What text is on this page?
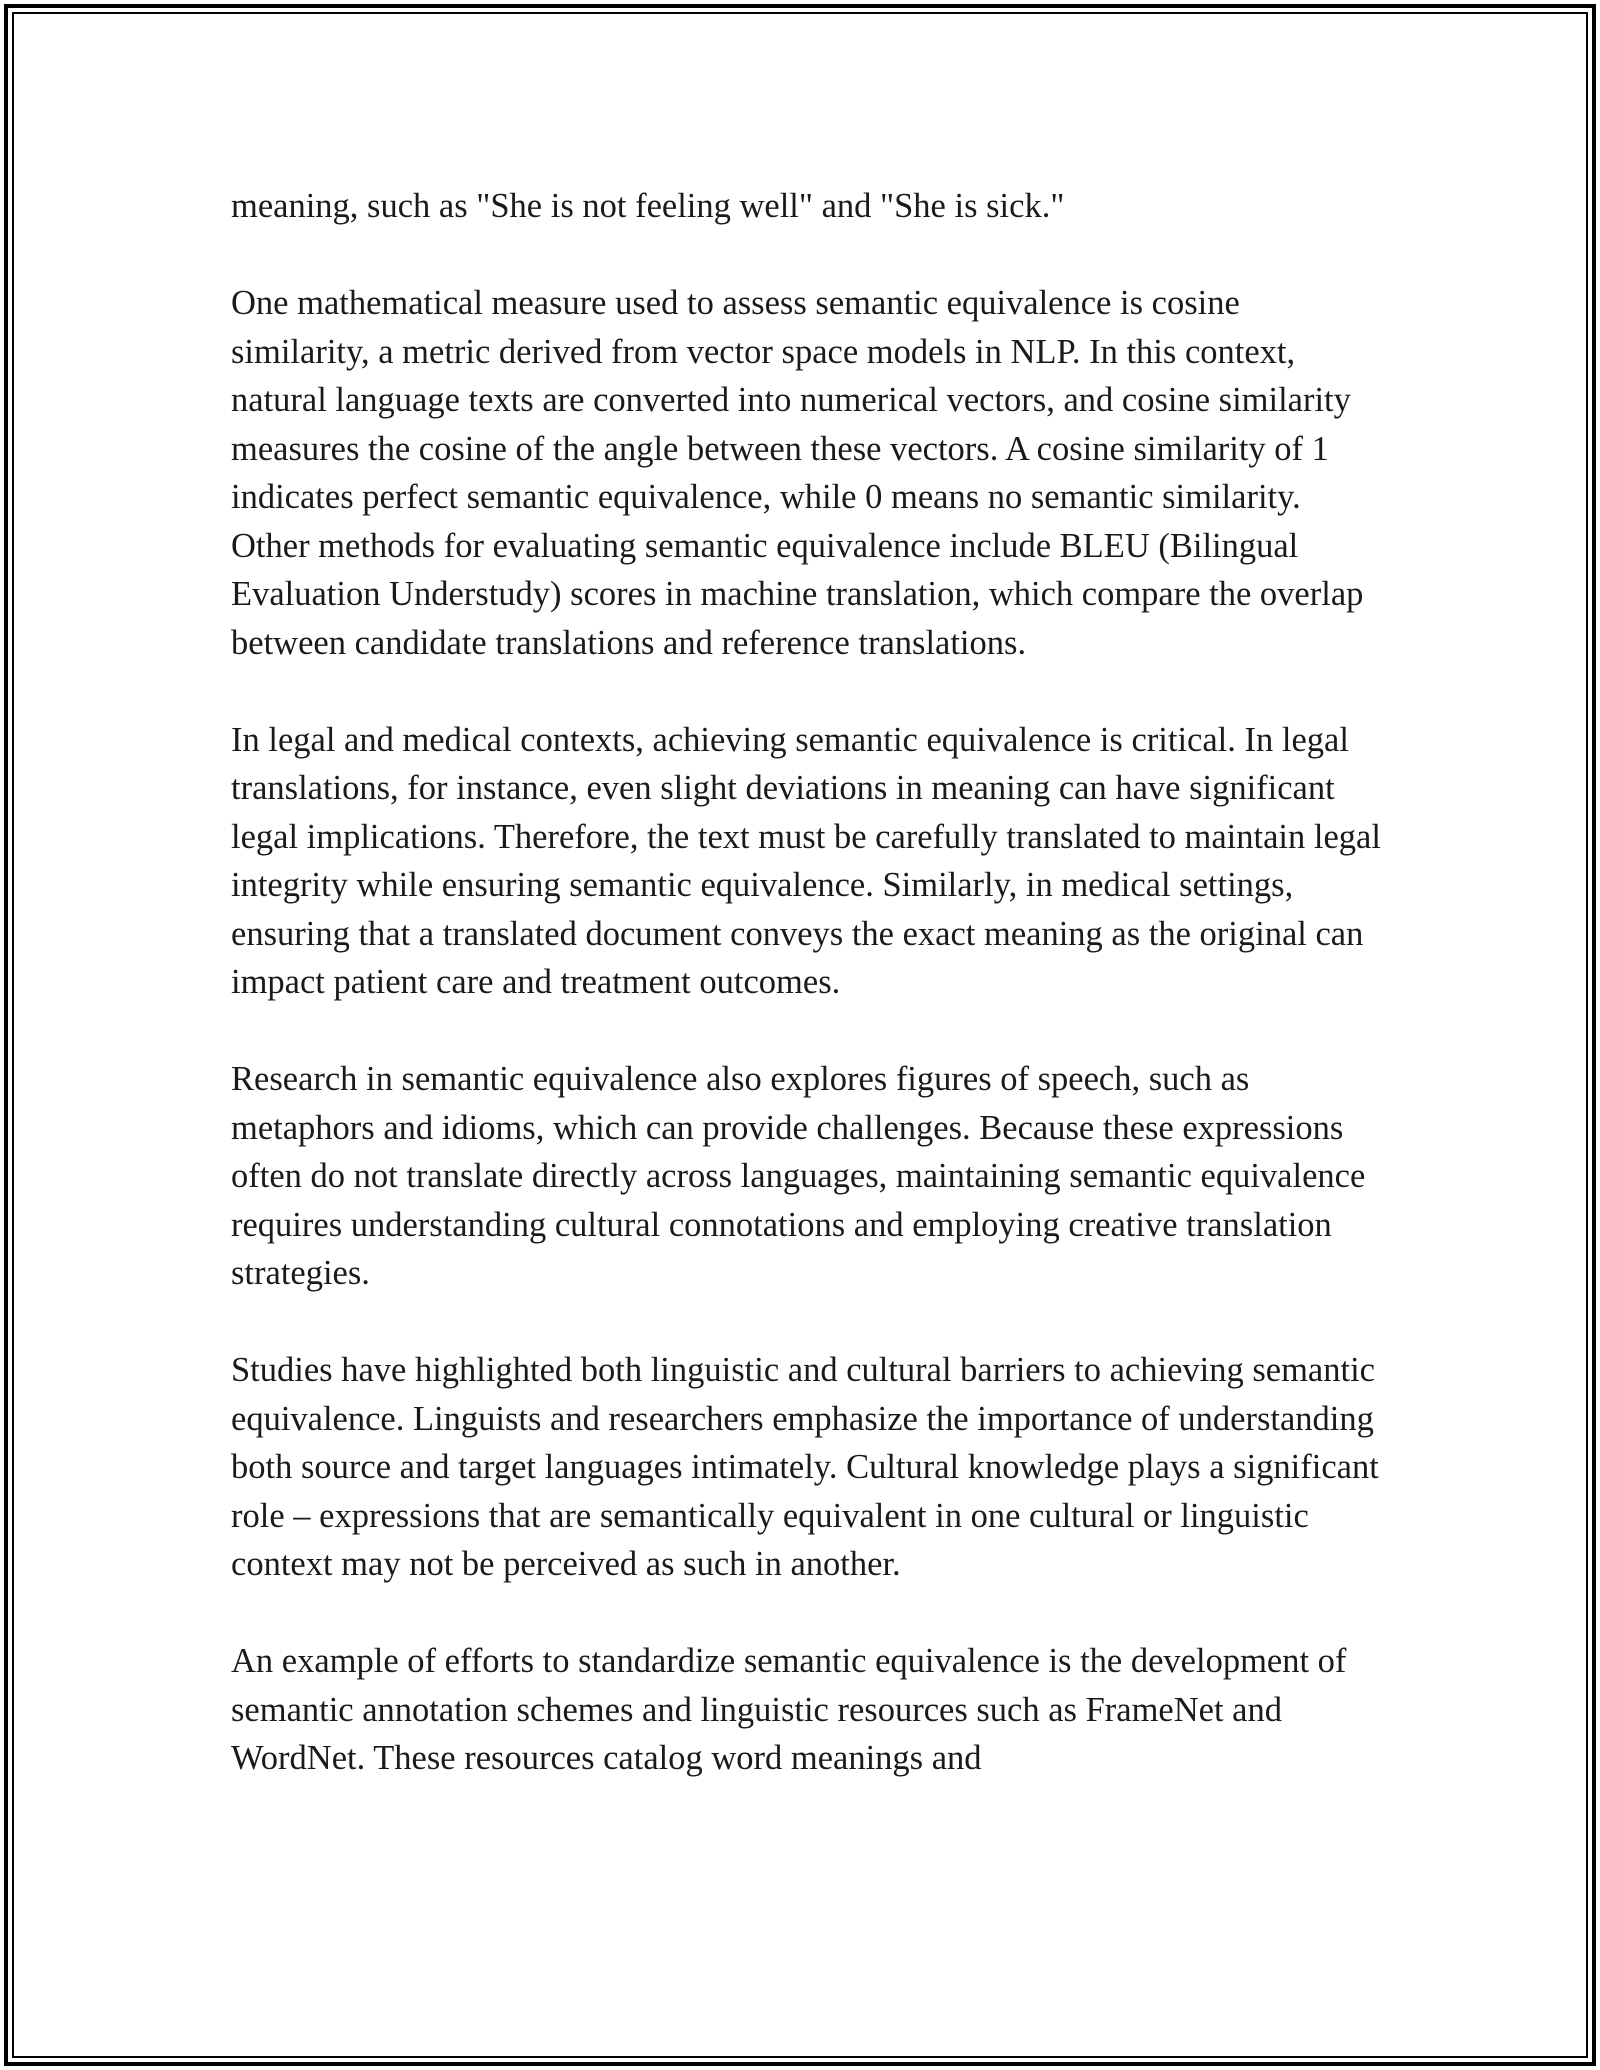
meaning, such as "She is not feeling well" and "She is sick."

One mathematical measure used to assess semantic equivalence is cosine similarity, a metric derived from vector space models in NLP. In this context, natural language texts are converted into numerical vectors, and cosine similarity measures the cosine of the angle between these vectors. A cosine similarity of 1 indicates perfect semantic equivalence, while 0 means no semantic similarity. Other methods for evaluating semantic equivalence include BLEU (Bilingual Evaluation Understudy) scores in machine translation, which compare the overlap between candidate translations and reference translations.

In legal and medical contexts, achieving semantic equivalence is critical. In legal translations, for instance, even slight deviations in meaning can have significant legal implications. Therefore, the text must be carefully translated to maintain legal integrity while ensuring semantic equivalence. Similarly, in medical settings, ensuring that a translated document conveys the exact meaning as the original can impact patient care and treatment outcomes.

Research in semantic equivalence also explores figures of speech, such as metaphors and idioms, which can provide challenges. Because these expressions often do not translate directly across languages, maintaining semantic equivalence requires understanding cultural connotations and employing creative translation strategies.

Studies have highlighted both linguistic and cultural barriers to achieving semantic equivalence. Linguists and researchers emphasize the importance of understanding both source and target languages intimately. Cultural knowledge plays a significant role – expressions that are semantically equivalent in one cultural or linguistic context may not be perceived as such in another.

An example of efforts to standardize semantic equivalence is the development of semantic annotation schemes and linguistic resources such as FrameNet and WordNet. These resources catalog word meanings and
